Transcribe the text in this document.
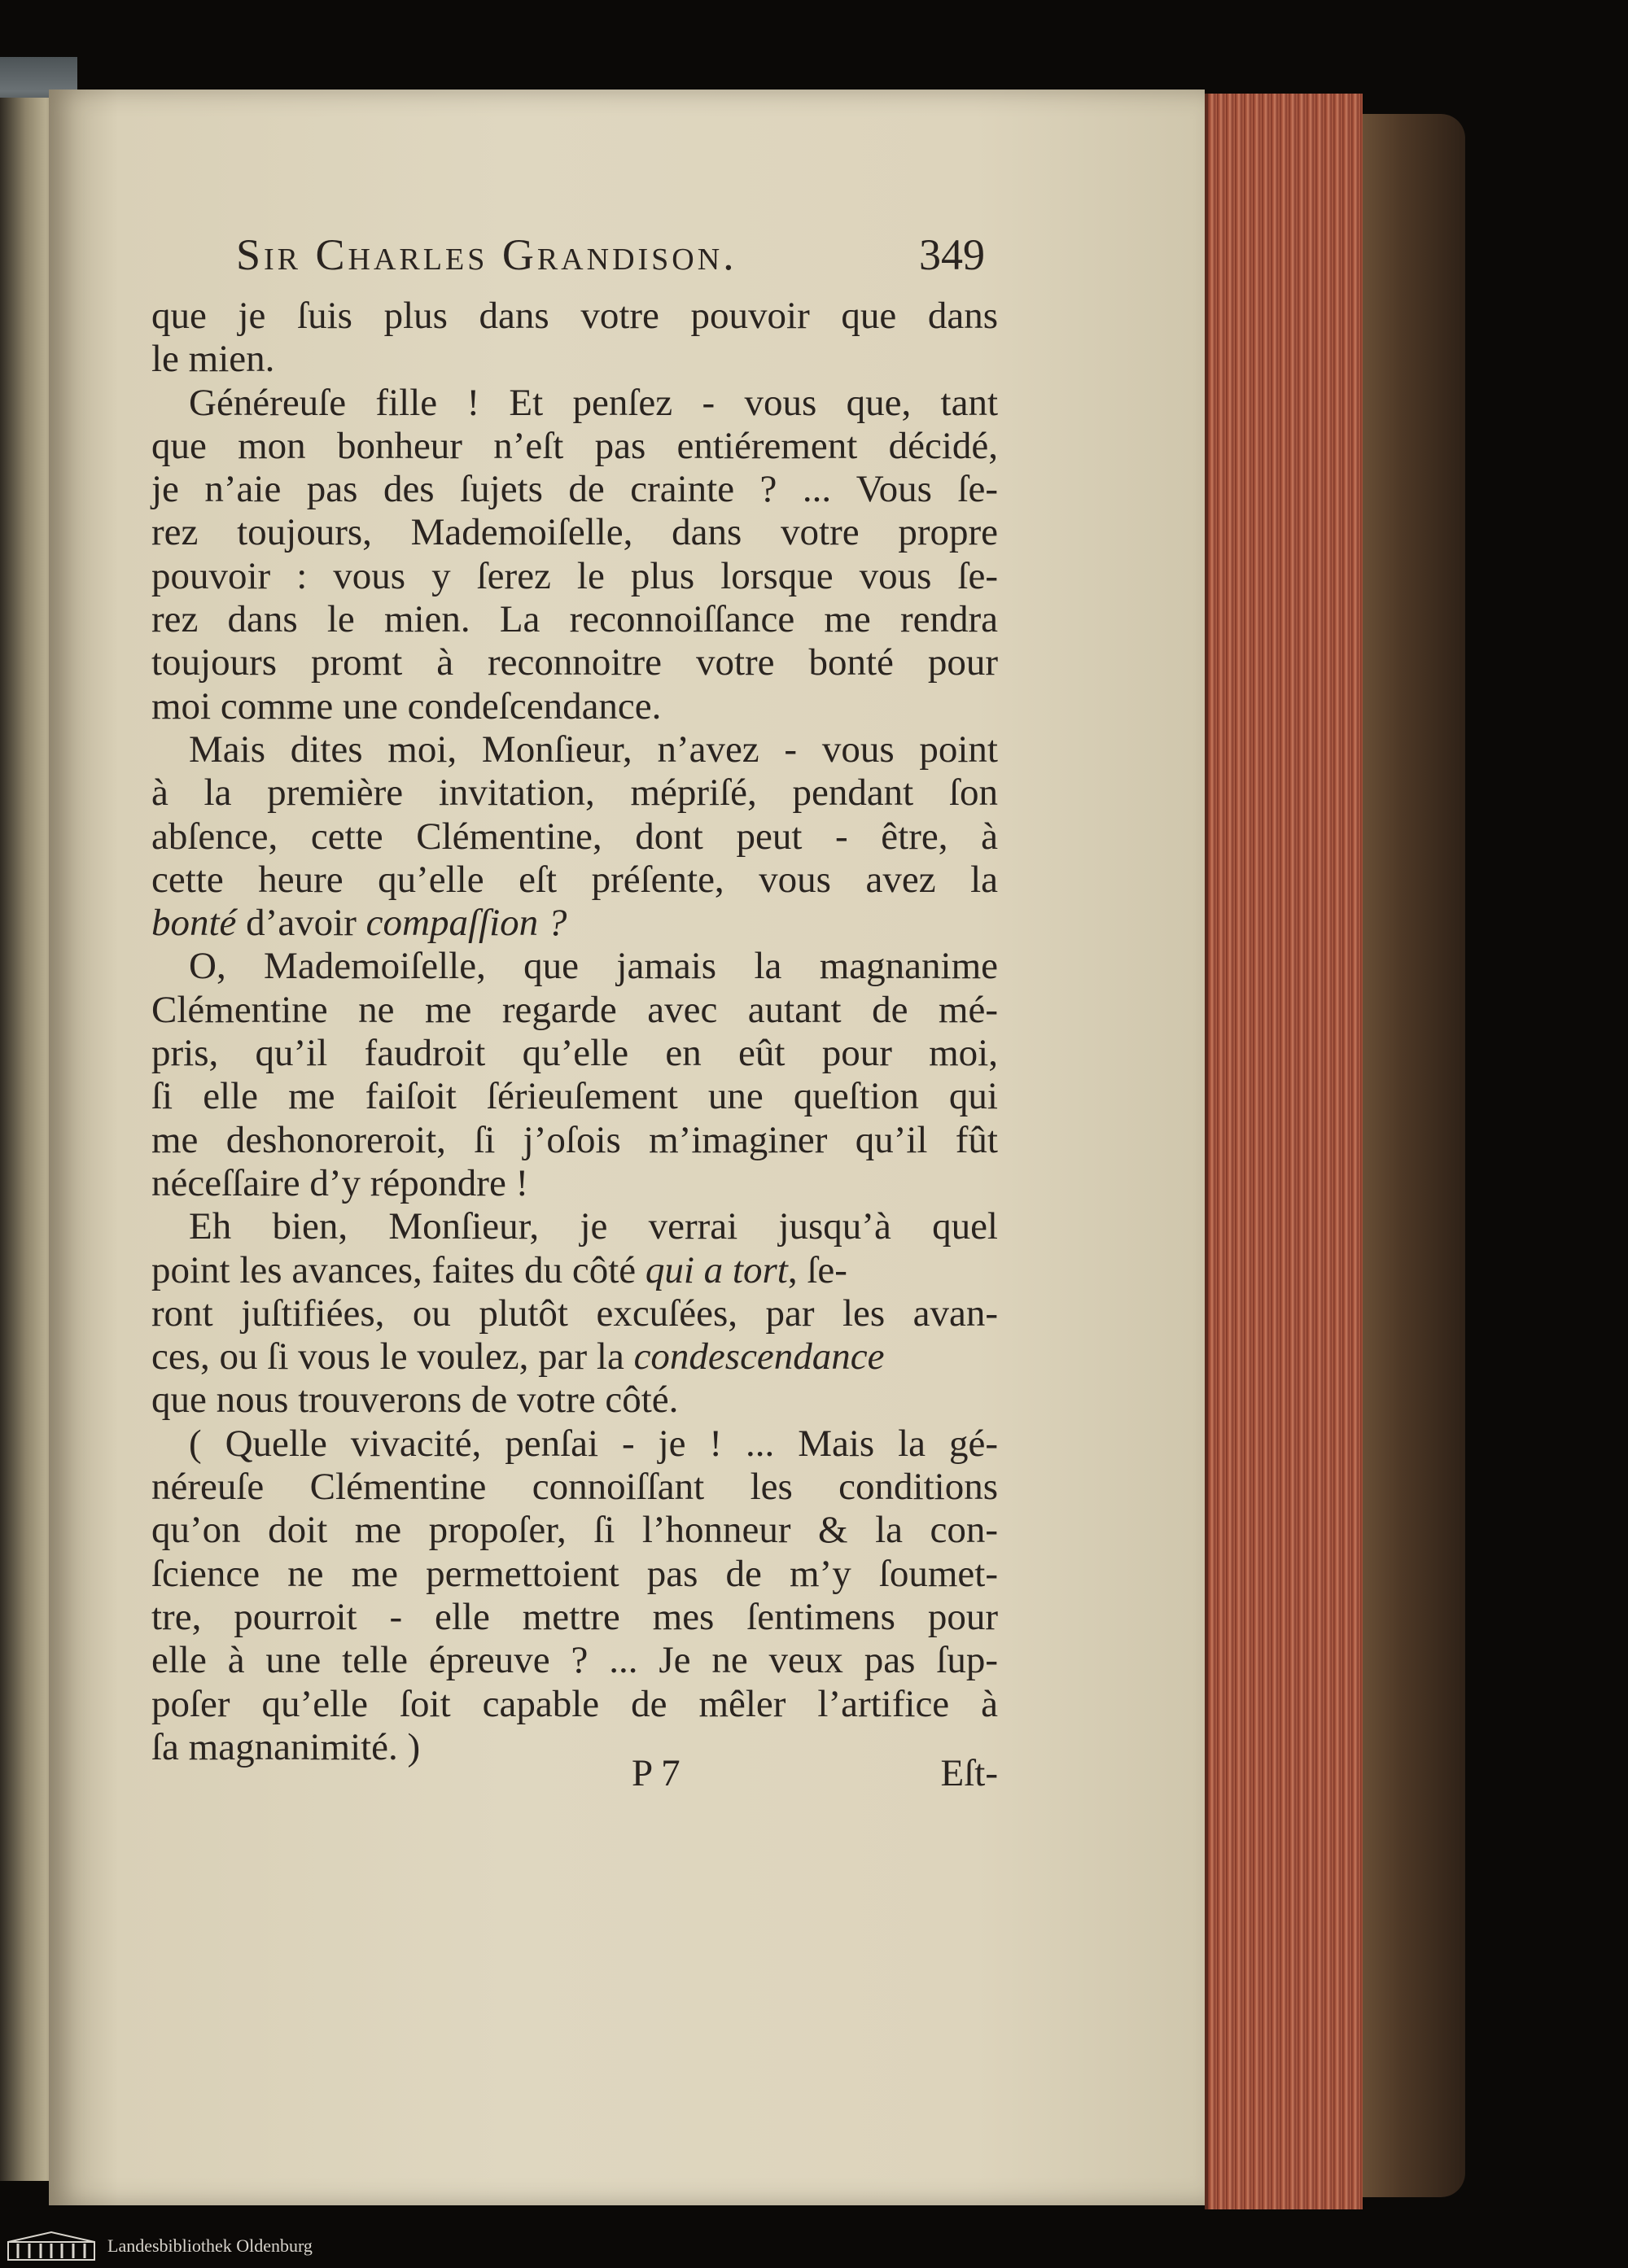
Sir Charles Grandison.	349
que je ſuis plus dans votre pouvoir que dans
le mien.
Généreuſe fille ! Et penſez - vous que, tant
que mon bonheur n’eſt pas entiérement décidé,
je n’aie pas des ſujets de crainte ? ... Vous ſe-
rez toujours, Mademoiſelle, dans votre propre
pouvoir : vous y ſerez le plus lorsque vous ſe-
rez dans le mien. La reconnoiſſance me rendra
toujours promt à reconnoitre votre bonté pour
moi comme une condeſcendance.
Mais dites moi, Monſieur, n’avez - vous point
à la première invitation, mépriſé, pendant ſon
abſence, cette Clémentine, dont peut - être, à
cette heure qu’elle eſt préſente, vous avez la
bonté d’avoir compaſſion ?
O, Mademoiſelle, que jamais la magnanime
Clémentine ne me regarde avec autant de mé-
pris, qu’il faudroit qu’elle en eût pour moi,
ſi elle me faiſoit ſérieuſement une queſtion qui
me deshonoreroit, ſi j’oſois m’imaginer qu’il fût
néceſſaire d’y répondre !
Eh bien, Monſieur, je verrai jusqu’à quel
point les avances, faites du côté qui a tort, ſe-
ront juſtifiées, ou plutôt excuſées, par les avan-
ces, ou ſi vous le voulez, par la condescendance
que nous trouverons de votre côté.
( Quelle vivacité, penſai - je ! ... Mais la gé-
néreuſe Clémentine connoiſſant les conditions
qu’on doit me propoſer, ſi l’honneur & la con-
ſcience ne me permettoient pas de m’y ſoumet-
tre, pourroit - elle mettre mes ſentimens pour
elle à une telle épreuve ? ... Je ne veux pas ſup-
poſer qu’elle ſoit capable de mêler l’artifice à
ſa magnanimité. )
P 7	Eſt-
Landesbibliothek Oldenburg
